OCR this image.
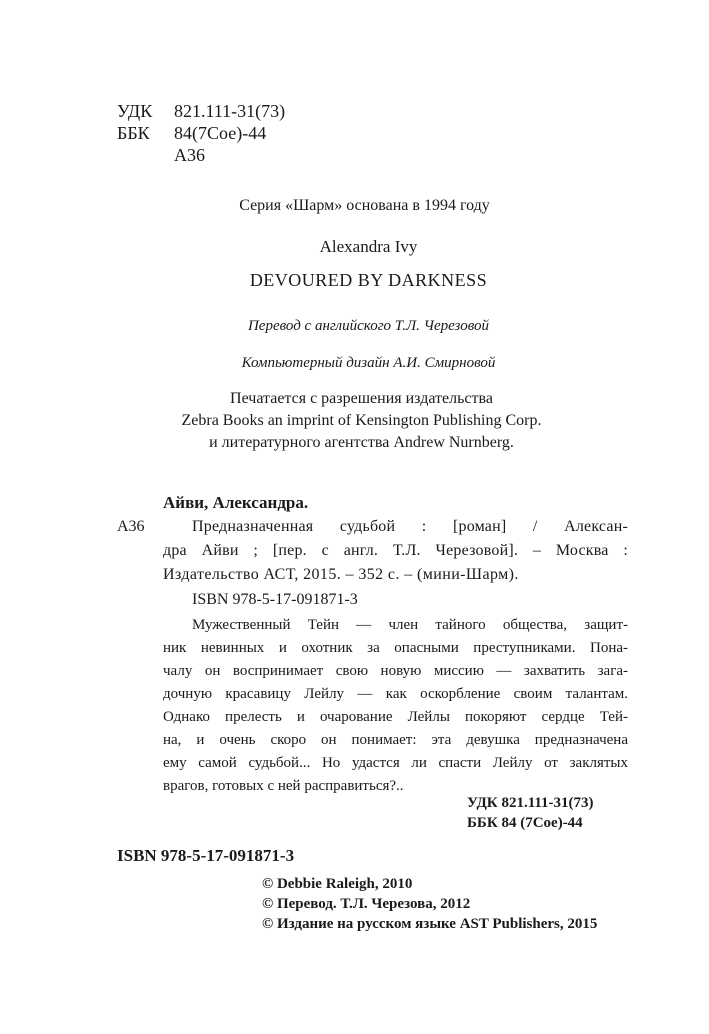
УДК 821.111-31(73)
ББК 84(7Сое)-44
А36
Серия «Шарм» основана в 1994 году
Alexandra Ivy
DEVOURED BY DARKNESS
Перевод с английского Т.Л. Черезовой
Компьютерный дизайн А.И. Смирновой
Печатается с разрешения издательства
Zebra Books an imprint of Kensington Publishing Corp.
и литературного агентства Andrew Nurnberg.
Айви, Александра.
А36	Предназначенная судьбой : [роман] / Алексан-
дра Айви ; [пер. с англ. Т.Л. Черезовой]. – Москва :
Издательство АСТ, 2015. – 352 с. – (мини-Шарм).
ISBN 978-5-17-091871-3
Мужественный Тейн — член тайного общества, защит-
ник невинных и охотник за опасными преступниками. Пона-
чалу он воспринимает свою новую миссию — захватить зага-
дочную красавицу Лейлу — как оскорбление своим талантам.
Однако прелесть и очарование Лейлы покоряют сердце Тей-
на, и очень скоро он понимает: эта девушка предназначена
ему самой судьбой... Но удастся ли спасти Лейлу от заклятых
врагов, готовых с ней расправиться?..
УДК 821.111-31(73)
ББК 84 (7Сое)-44
ISBN 978-5-17-091871-3
© Debbie Raleigh, 2010
© Перевод. Т.Л. Черезова, 2012
© Издание на русском языке AST Publishers, 2015
